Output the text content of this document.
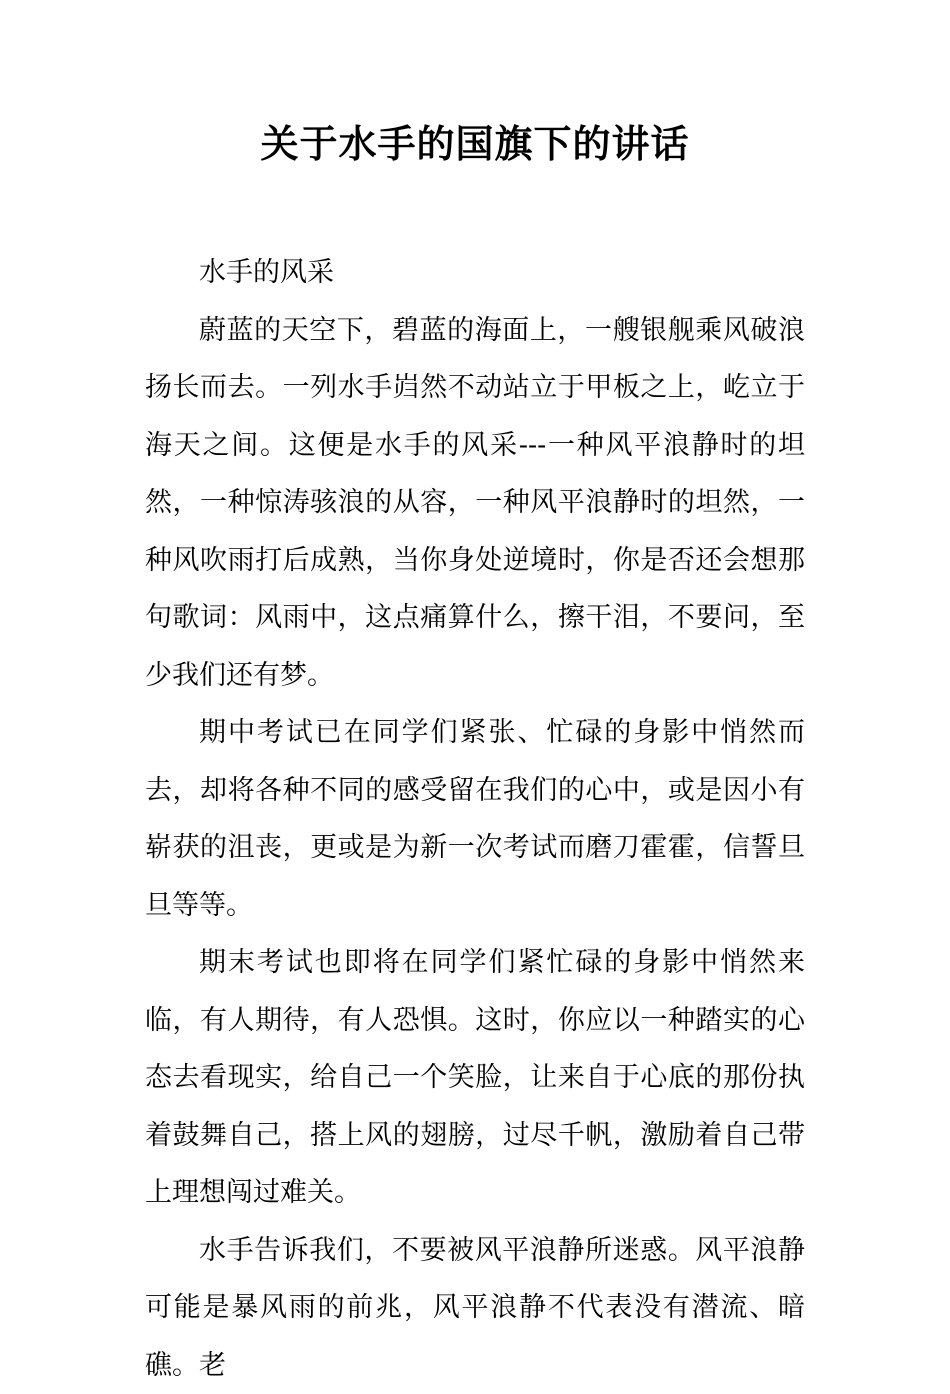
关于水手的国旗下的讲话

水手的风采

蔚蓝的天空下，碧蓝的海面上，一艘银舰乘风破浪扬长而去。一列水手岿然不动站立于甲板之上，屹立于海天之间。这便是水手的风采---一种风平浪静时的坦然，一种惊涛骇浪的从容，一种风平浪静时的坦然，一种风吹雨打后成熟，当你身处逆境时，你是否还会想那句歌词：风雨中，这点痛算什么，擦干泪，不要问，至少我们还有梦。

期中考试已在同学们紧张、忙碌的身影中悄然而去，却将各种不同的感受留在我们的心中，或是因小有崭获的沮丧，更或是为新一次考试而磨刀霍霍，信誓旦旦等等。

期末考试也即将在同学们紧忙碌的身影中悄然来临，有人期待，有人恐惧。这时，你应以一种踏实的心态去看现实，给自己一个笑脸，让来自于心底的那份执着鼓舞自己，搭上风的翅膀，过尽千帆，激励着自己带上理想闯过难关。

水手告诉我们，不要被风平浪静所迷惑。风平浪静可能是暴风雨的前兆，风平浪静不代表没有潜流、暗礁。老
